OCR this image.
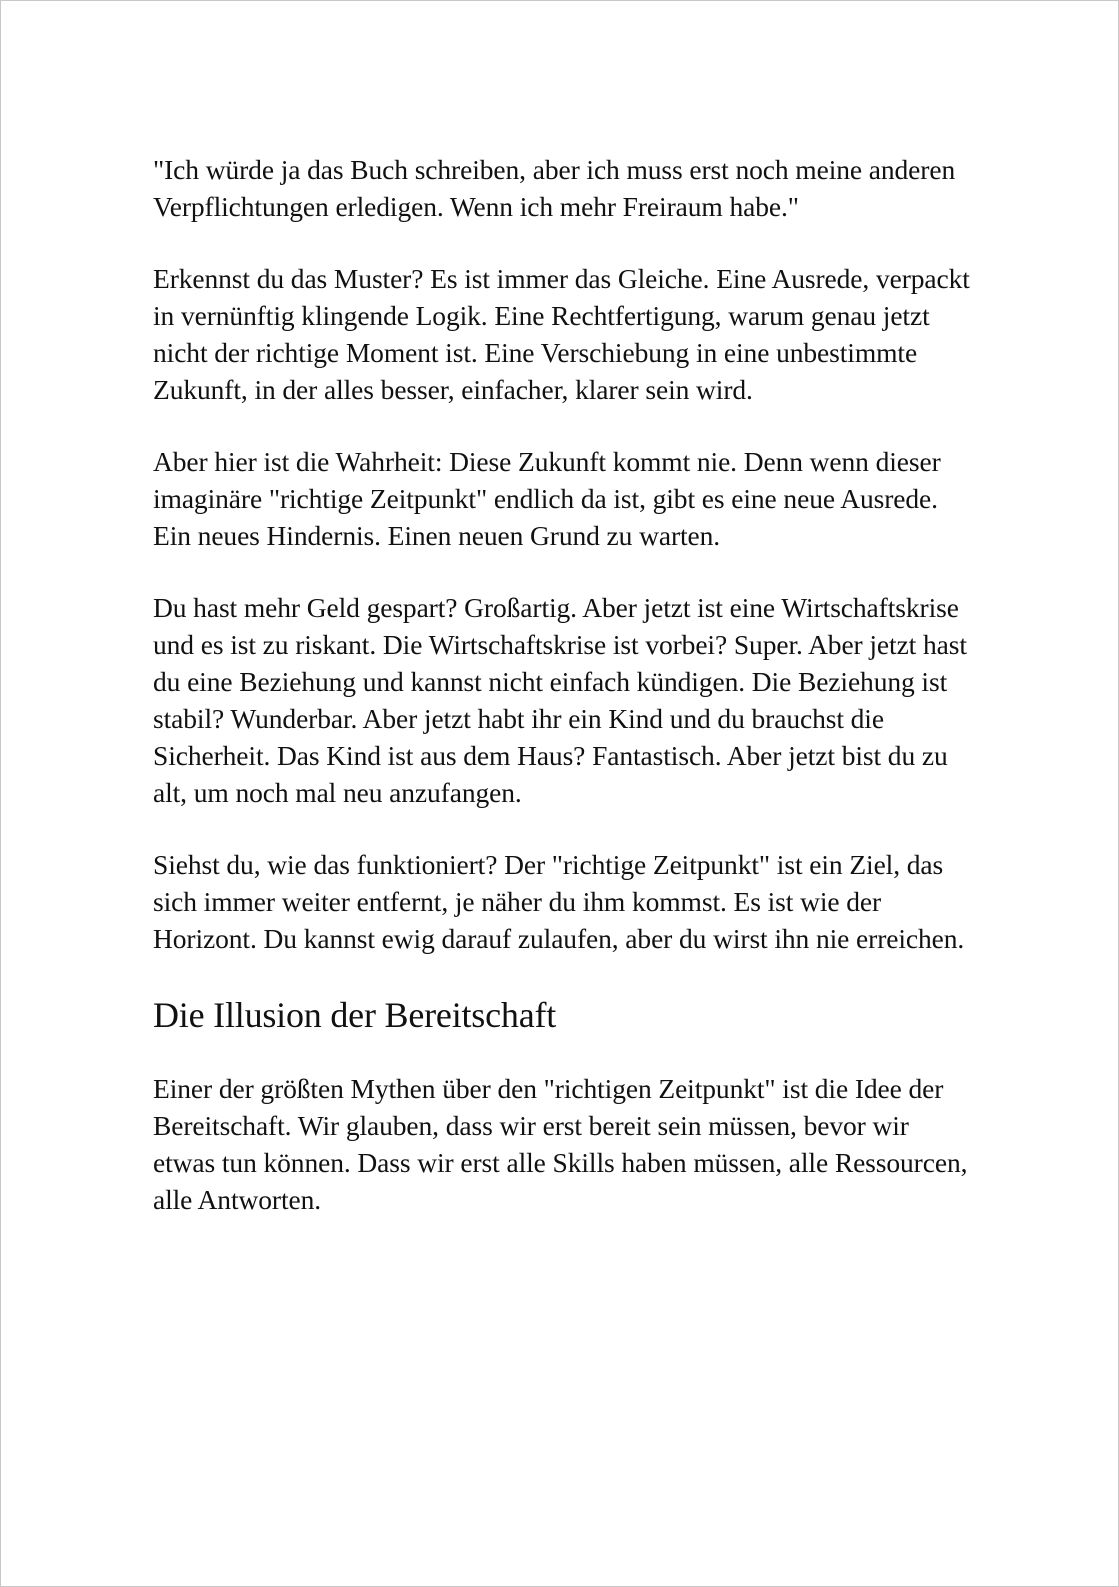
"Ich würde ja das Buch schreiben, aber ich muss erst noch meine anderen Verpflichtungen erledigen. Wenn ich mehr Freiraum habe."

Erkennst du das Muster? Es ist immer das Gleiche. Eine Ausrede, verpackt in vernünftig klingende Logik. Eine Rechtfertigung, warum genau jetzt nicht der richtige Moment ist. Eine Verschiebung in eine unbestimmte Zukunft, in der alles besser, einfacher, klarer sein wird.

Aber hier ist die Wahrheit: Diese Zukunft kommt nie. Denn wenn dieser imaginäre "richtige Zeitpunkt" endlich da ist, gibt es eine neue Ausrede. Ein neues Hindernis. Einen neuen Grund zu warten.

Du hast mehr Geld gespart? Großartig. Aber jetzt ist eine Wirtschaftskrise und es ist zu riskant. Die Wirtschaftskrise ist vorbei? Super. Aber jetzt hast du eine Beziehung und kannst nicht einfach kündigen. Die Beziehung ist stabil? Wunderbar. Aber jetzt habt ihr ein Kind und du brauchst die Sicherheit. Das Kind ist aus dem Haus? Fantastisch. Aber jetzt bist du zu alt, um noch mal neu anzufangen.

Siehst du, wie das funktioniert? Der "richtige Zeitpunkt" ist ein Ziel, das sich immer weiter entfernt, je näher du ihm kommst. Es ist wie der Horizont. Du kannst ewig darauf zulaufen, aber du wirst ihn nie erreichen.

Die Illusion der Bereitschaft

Einer der größten Mythen über den "richtigen Zeitpunkt" ist die Idee der Bereitschaft. Wir glauben, dass wir erst bereit sein müssen, bevor wir etwas tun können. Dass wir erst alle Skills haben müssen, alle Ressourcen, alle Antworten.
